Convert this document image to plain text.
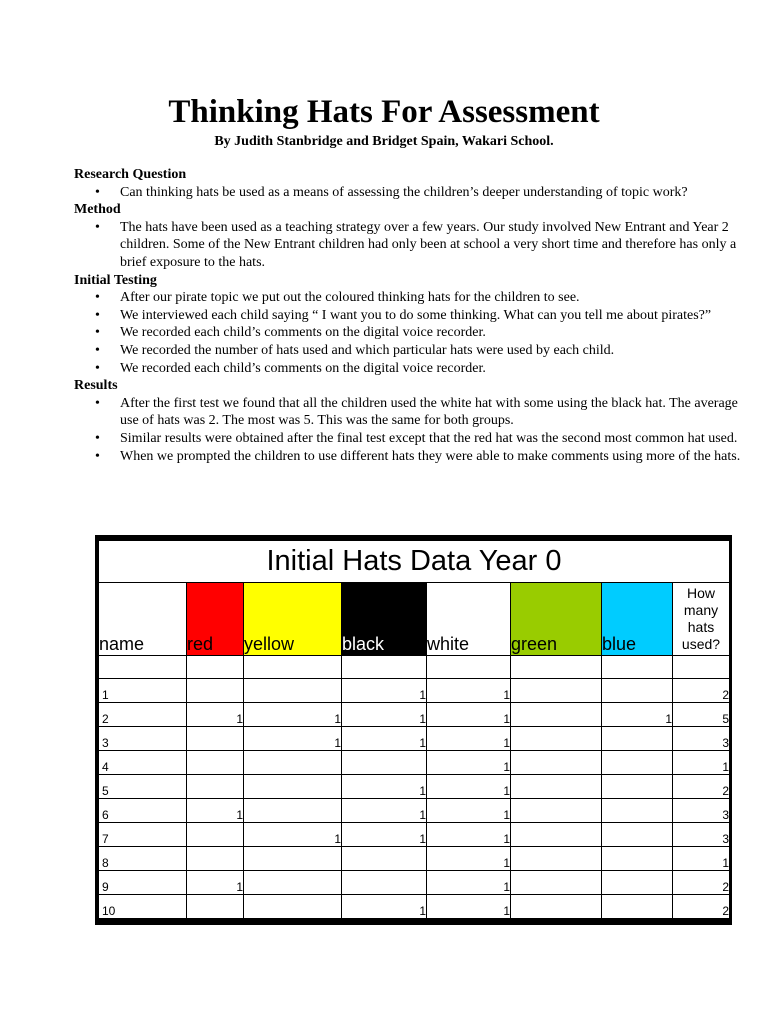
Thinking Hats For Assessment

By Judith Stanbridge and Bridget Spain, Wakari School.

Research Question

• Can thinking hats be used as a means of assessing the children’s deeper understanding of topic work?

Method

• The hats have been used as a teaching strategy over a few years. Our study involved New Entrant and Year 2 children. Some of the New Entrant children had only been at school a very short time and therefore has only a brief exposure to the hats.

Initial Testing

• After our pirate topic we put out the coloured thinking hats for the children to see.
• We interviewed each child saying “ I want you to do some thinking. What can you tell me about pirates?”
• We recorded each child’s comments on the digital voice recorder.
• We recorded the number of hats used and which particular hats were used by each child.
• We recorded each child’s comments on the digital voice recorder.

Results

• After the first test we found that all the children used the white hat with some using the black hat. The average use of hats was 2. The most was 5. This was the same for both groups.
• Similar results were obtained after the final test except that the red hat was the second most common hat used.
• When we prompted the children to use different hats they were able to make comments using more of the hats.
Initial Hats Data Year 0							
name	red	yellow	black	white	green	blue	How many hats used?

1			1	1			2
2	1	1	1	1		1	5
3		1	1	1			3
4				1			1
5			1	1			2
6	1		1	1			3
7		1	1	1			3
8				1			1
9	1			1			2
10			1	1			2
